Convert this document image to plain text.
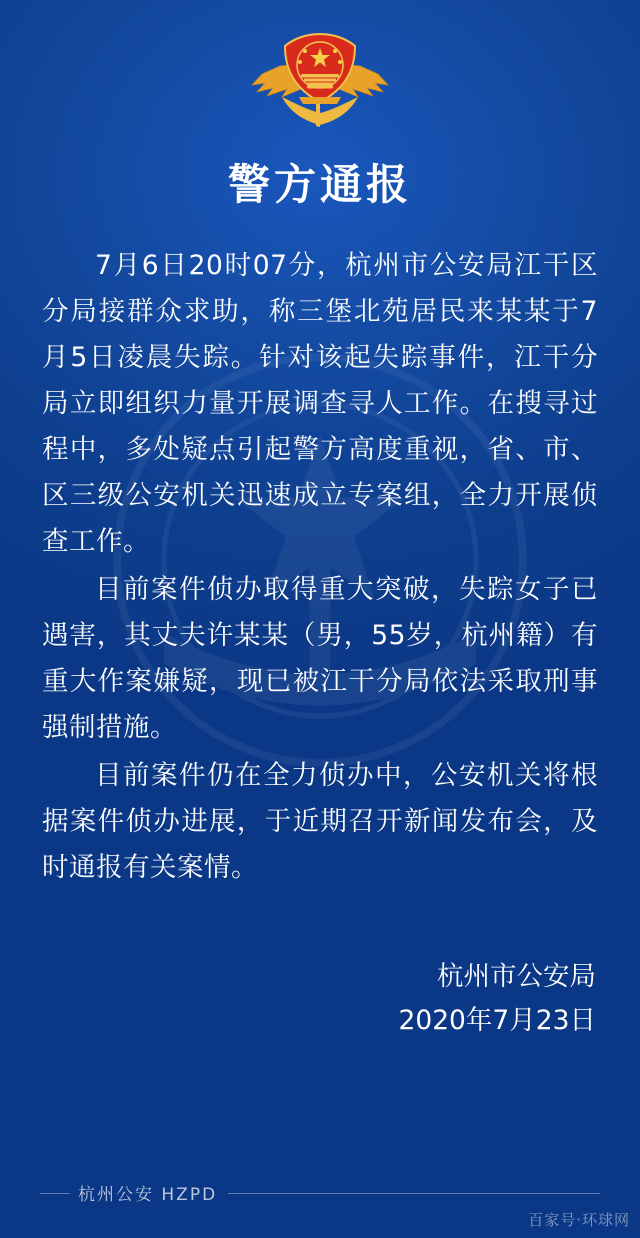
警方通报

7月6日20时07分，杭州市公安局江干区分局接群众求助，称三堡北苑居民来某某于7月5日凌晨失踪。针对该起失踪事件，江干分局立即组织力量开展调查寻人工作。在搜寻过程中，多处疑点引起警方高度重视，省、市、区三级公安机关迅速成立专案组，全力开展侦查工作。

目前案件侦办取得重大突破，失踪女子已遇害，其丈夫许某某（男，55岁，杭州籍）有重大作案嫌疑，现已被江干分局依法采取刑事强制措施。

目前案件仍在全力侦办中，公安机关将根据案件侦办进展，于近期召开新闻发布会，及时通报有关案情。

杭州市公安局
2020年7月23日
杭州公安 HZPD
百家号·环球网
